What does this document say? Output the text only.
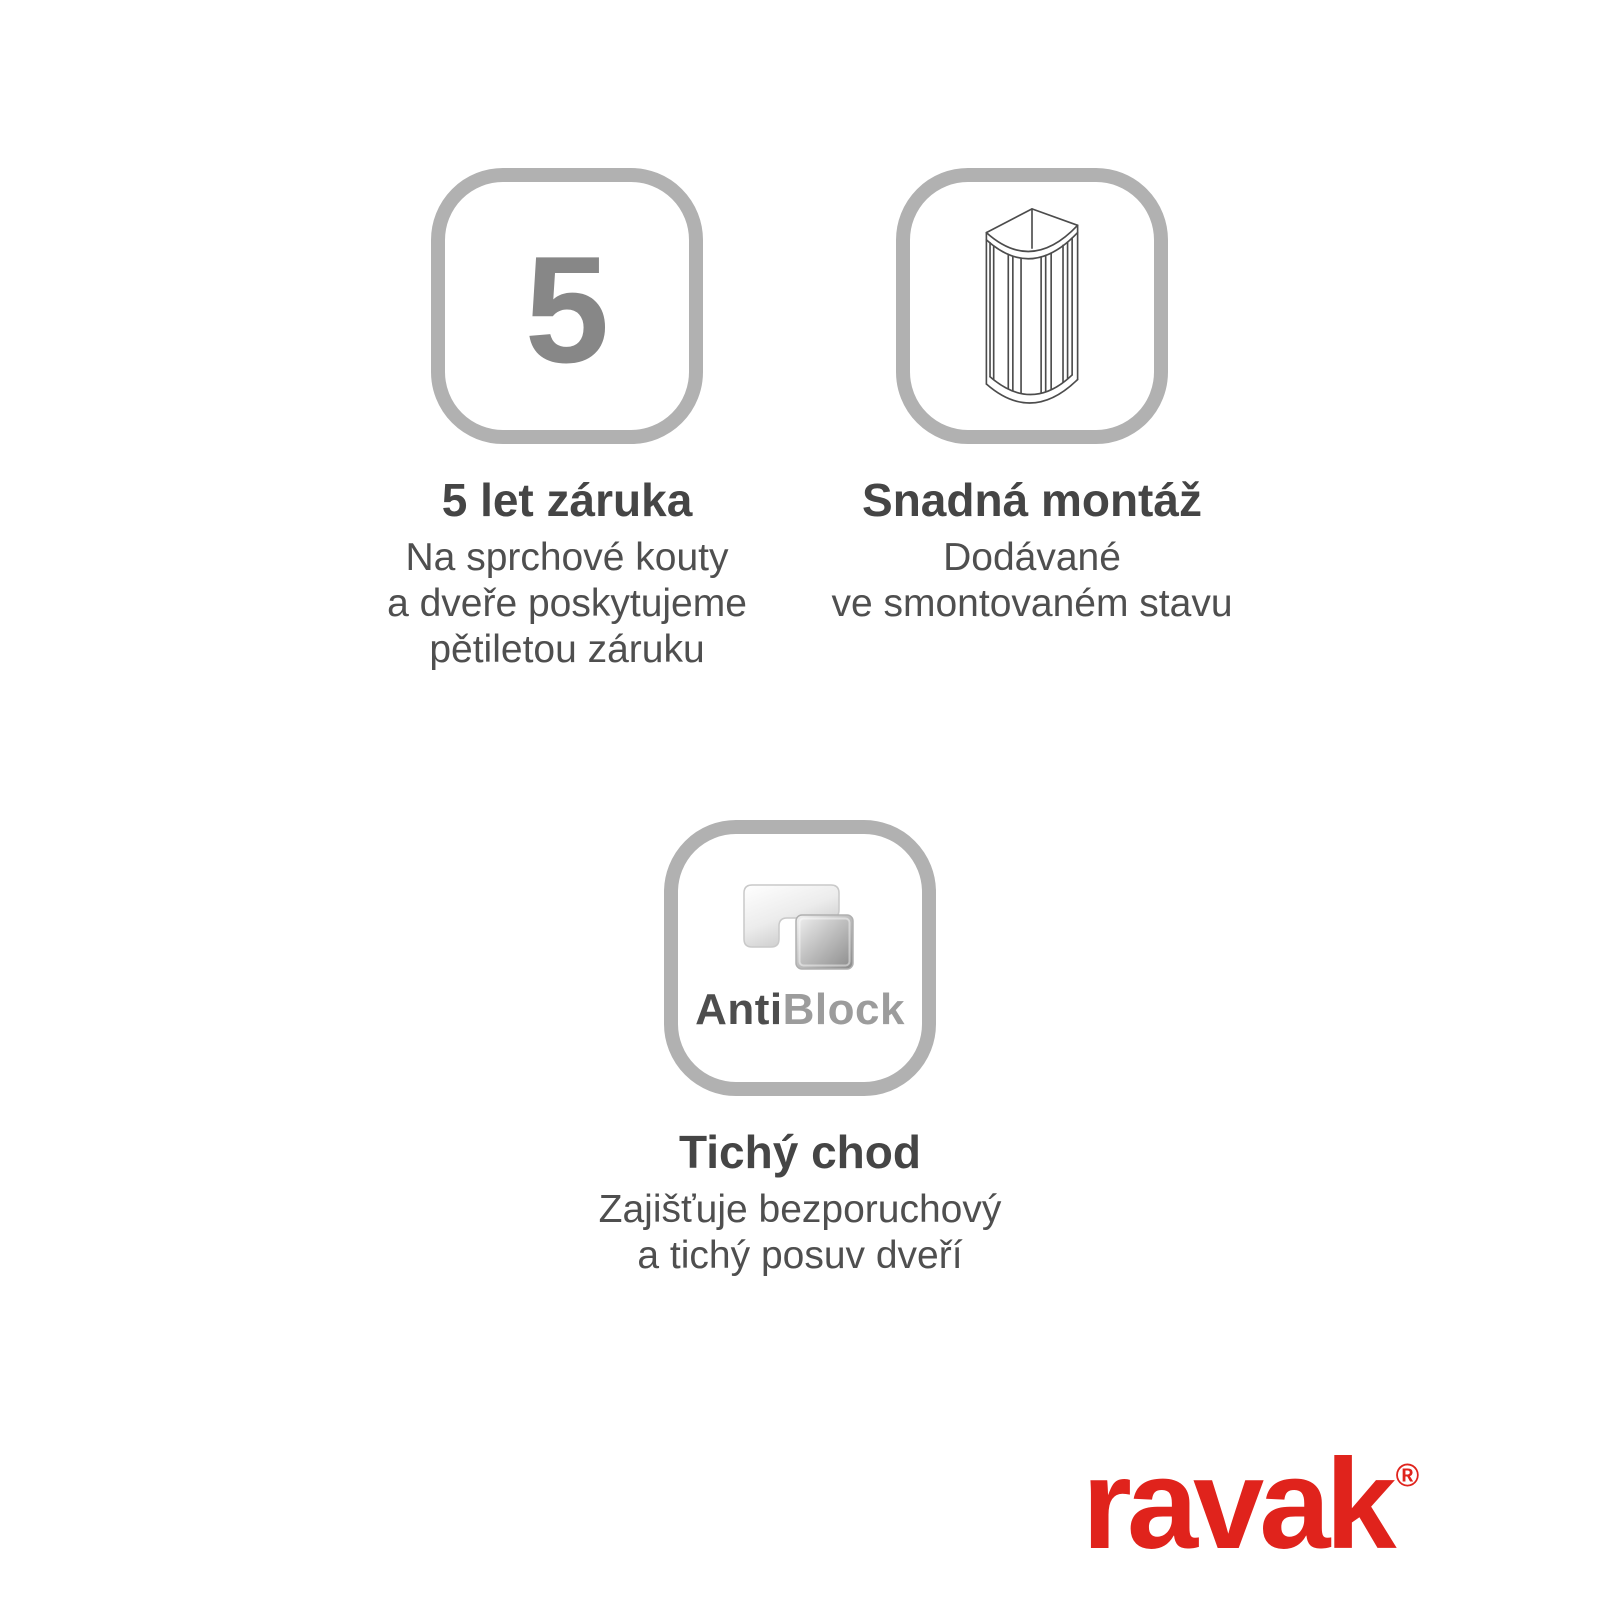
5
5 let záruka

Na sprchové kouty
a dveře poskytujeme
pětiletou záruku

Snadná montáž

Dodávané
ve smontovaném stavu

AntiBlock
Tichý chod

Zajišťuje bezporuchový
a tichý posuv dveří

ravak ®
